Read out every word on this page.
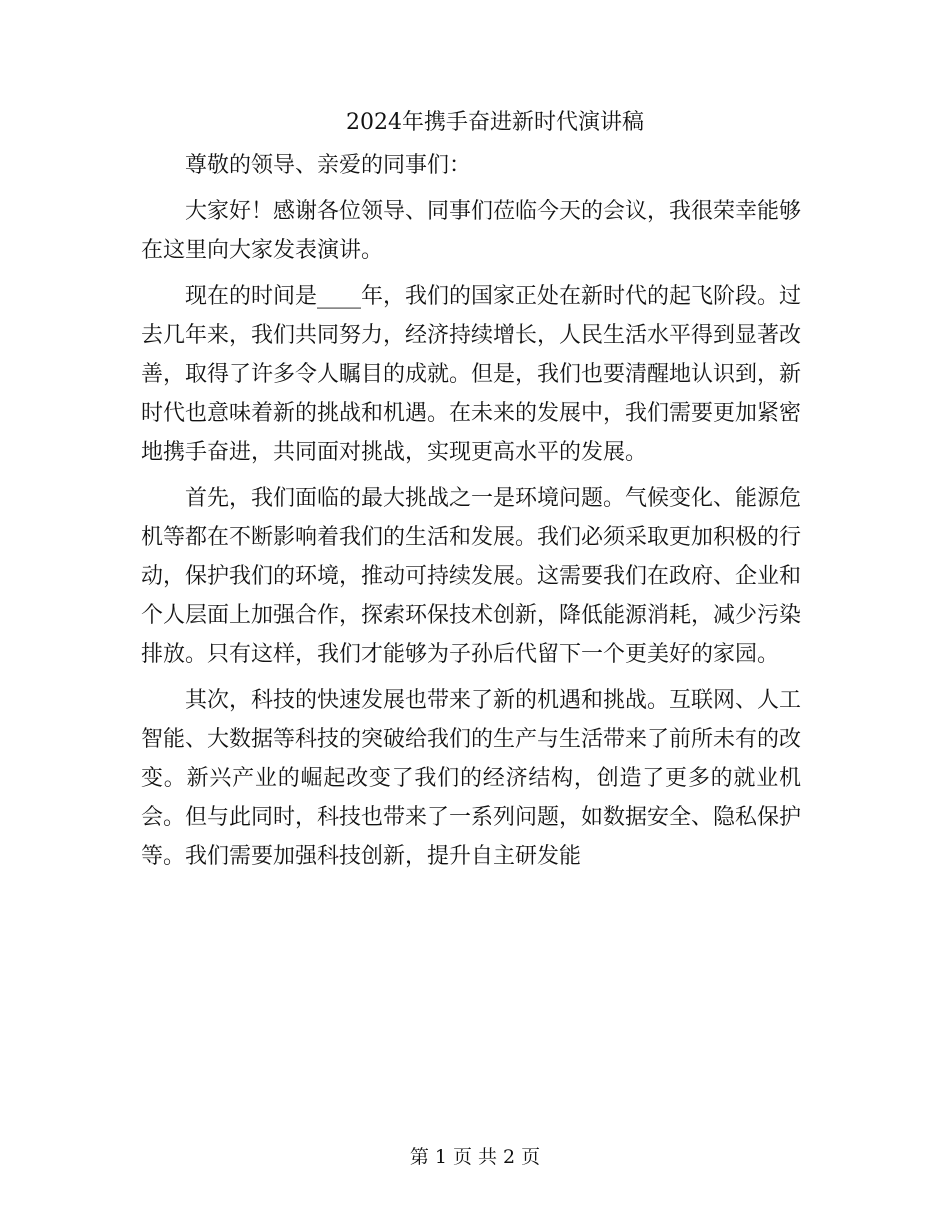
2024年携手奋进新时代演讲稿

尊敬的领导、亲爱的同事们：

大家好！感谢各位领导、同事们莅临今天的会议，我很荣幸能够在这里向大家发表演讲。

现在的时间是____年，我们的国家正处在新时代的起飞阶段。过去几年来，我们共同努力，经济持续增长，人民生活水平得到显著改善，取得了许多令人瞩目的成就。但是，我们也要清醒地认识到，新时代也意味着新的挑战和机遇。在未来的发展中，我们需要更加紧密地携手奋进，共同面对挑战，实现更高水平的发展。

首先，我们面临的最大挑战之一是环境问题。气候变化、能源危机等都在不断影响着我们的生活和发展。我们必须采取更加积极的行动，保护我们的环境，推动可持续发展。这需要我们在政府、企业和个人层面上加强合作，探索环保技术创新，降低能源消耗，减少污染排放。只有这样，我们才能够为子孙后代留下一个更美好的家园。

其次，科技的快速发展也带来了新的机遇和挑战。互联网、人工智能、大数据等科技的突破给我们的生产与生活带来了前所未有的改变。新兴产业的崛起改变了我们的经济结构，创造了更多的就业机会。但与此同时，科技也带来了一系列问题，如数据安全、隐私保护等。我们需要加强科技创新，提升自主研发能

第 1 页 共 2 页
